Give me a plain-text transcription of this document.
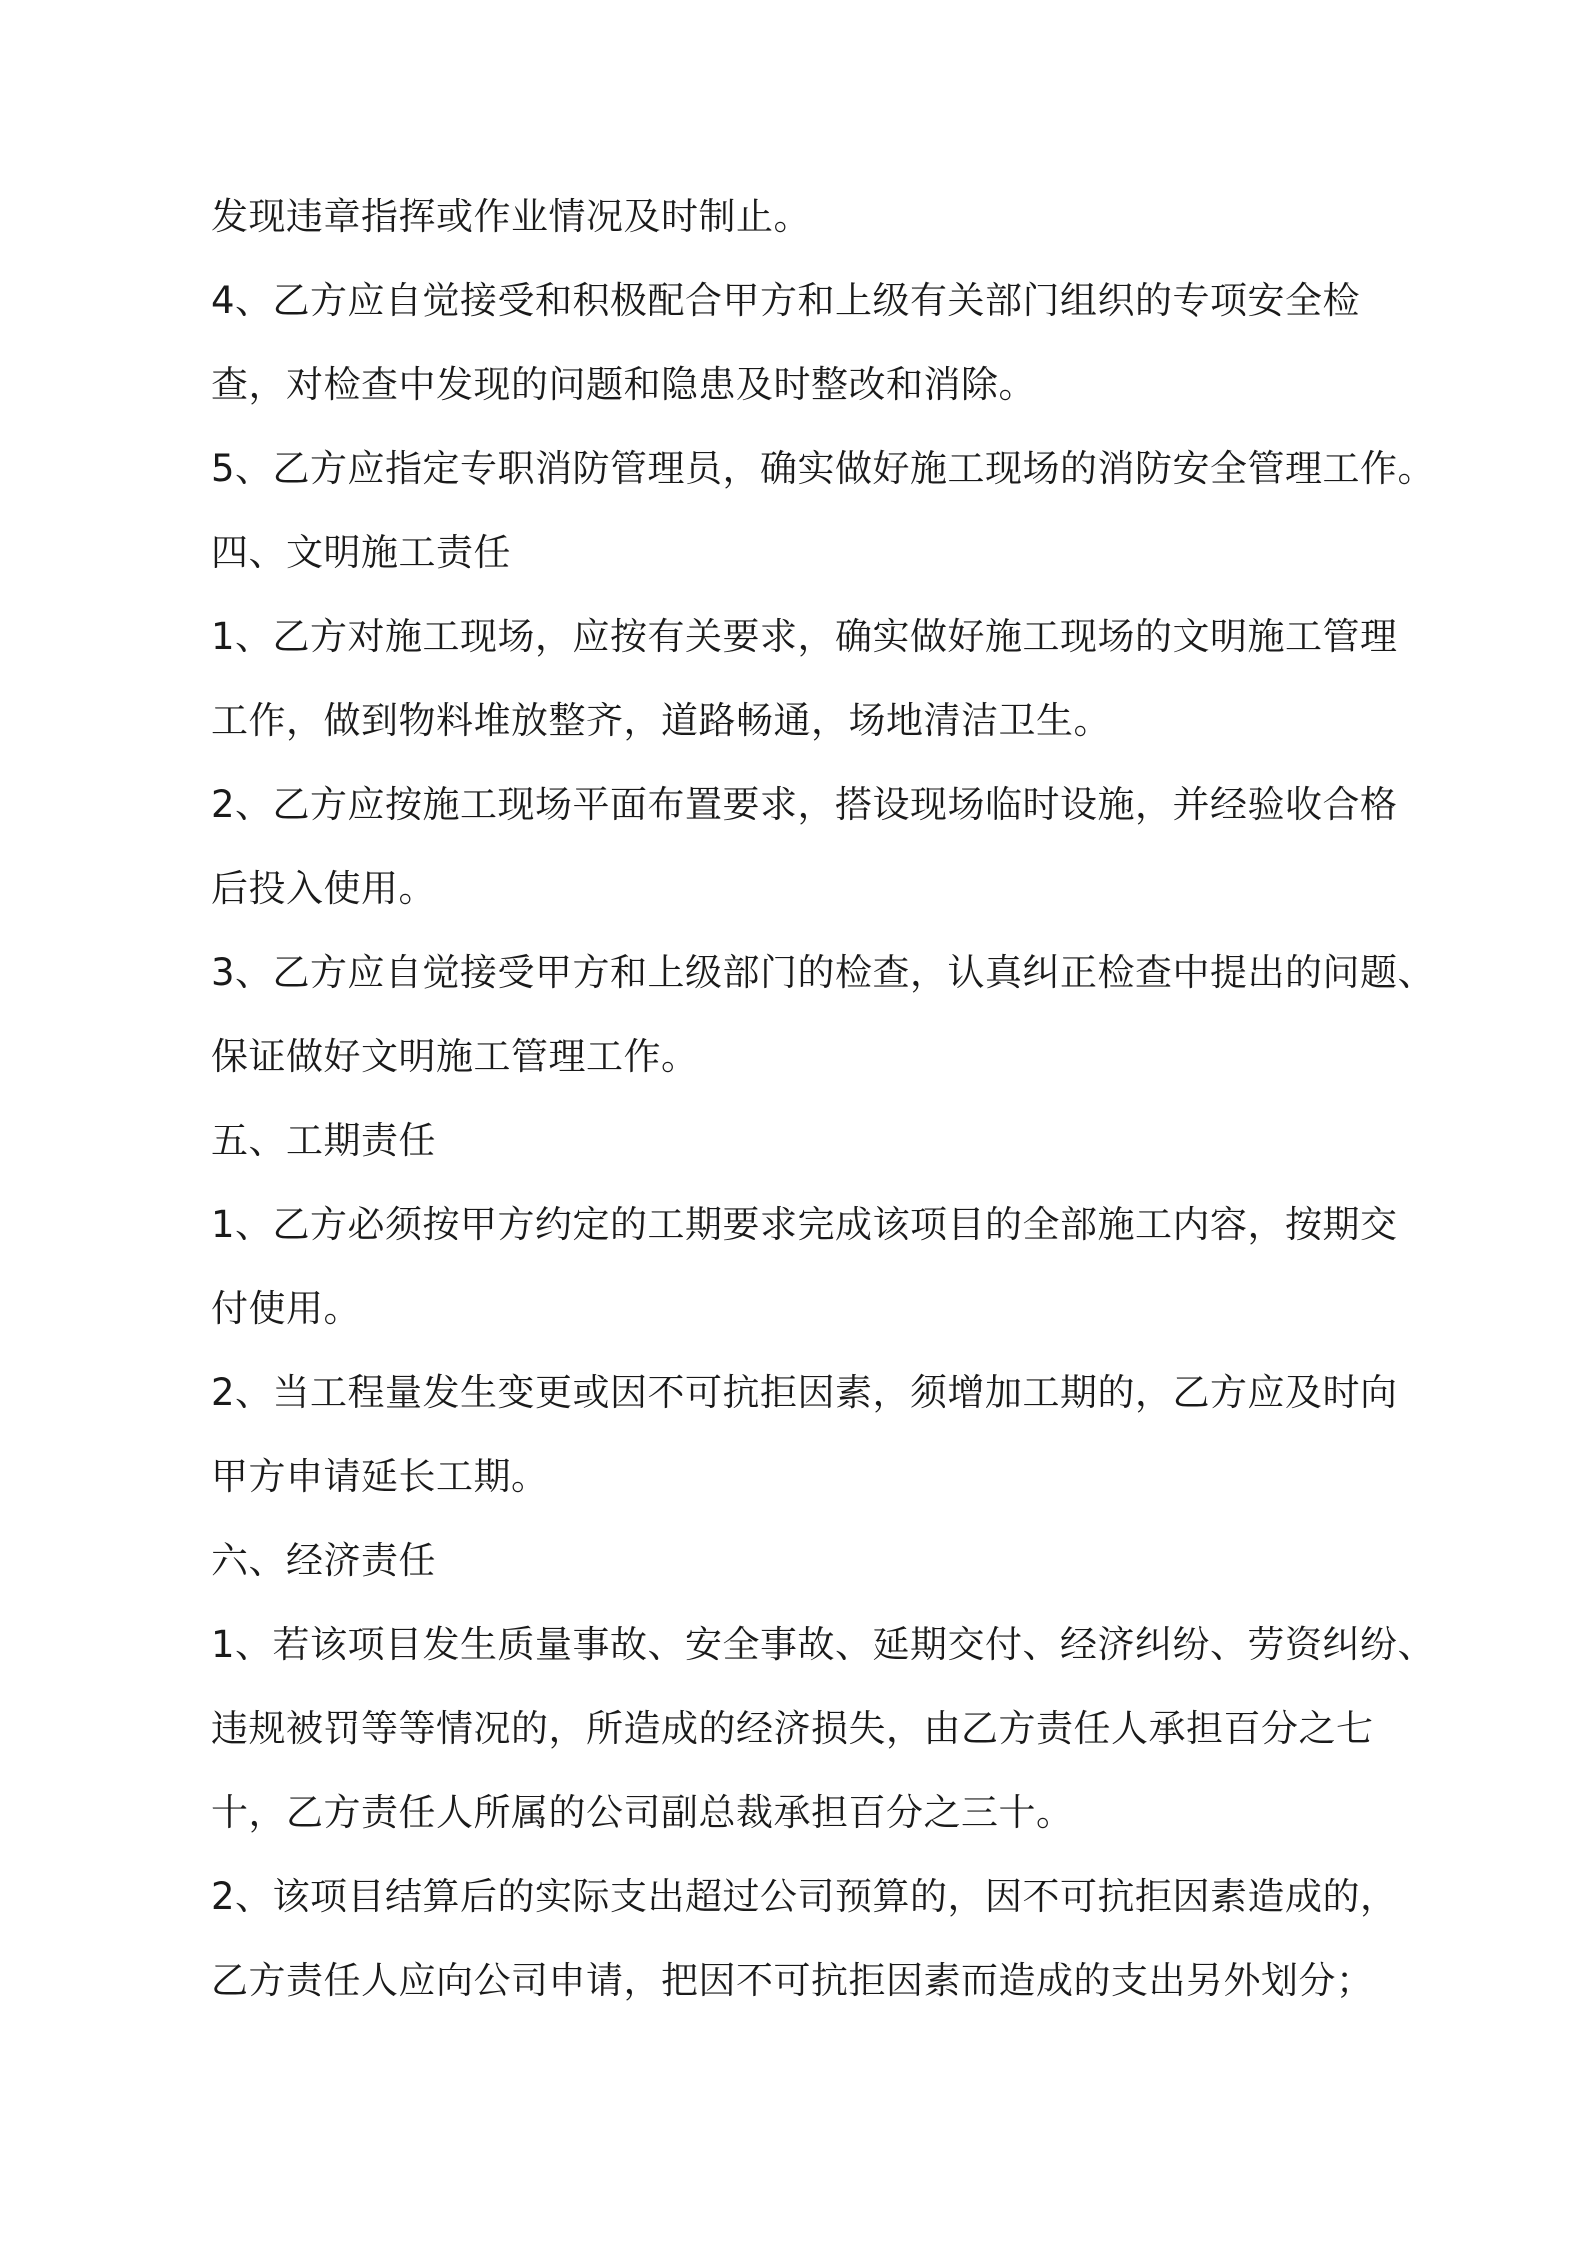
发现违章指挥或作业情况及时制止。

4、乙方应自觉接受和积极配合甲方和上级有关部门组织的专项安全检

查，对检查中发现的问题和隐患及时整改和消除。

5、乙方应指定专职消防管理员，确实做好施工现场的消防安全管理工作。

四、文明施工责任

1、乙方对施工现场，应按有关要求，确实做好施工现场的文明施工管理

工作，做到物料堆放整齐，道路畅通，场地清洁卫生。

2、乙方应按施工现场平面布置要求，搭设现场临时设施，并经验收合格

后投入使用。

3、乙方应自觉接受甲方和上级部门的检查，认真纠正检查中提出的问题、

保证做好文明施工管理工作。

五、工期责任

1、乙方必须按甲方约定的工期要求完成该项目的全部施工内容，按期交

付使用。

2、当工程量发生变更或因不可抗拒因素，须增加工期的，乙方应及时向

甲方申请延长工期。

六、经济责任

1、若该项目发生质量事故、安全事故、延期交付、经济纠纷、劳资纠纷、

违规被罚等等情况的，所造成的经济损失，由乙方责任人承担百分之七

十，乙方责任人所属的公司副总裁承担百分之三十。

2、该项目结算后的实际支出超过公司预算的，因不可抗拒因素造成的，

乙方责任人应向公司申请，把因不可抗拒因素而造成的支出另外划分；
